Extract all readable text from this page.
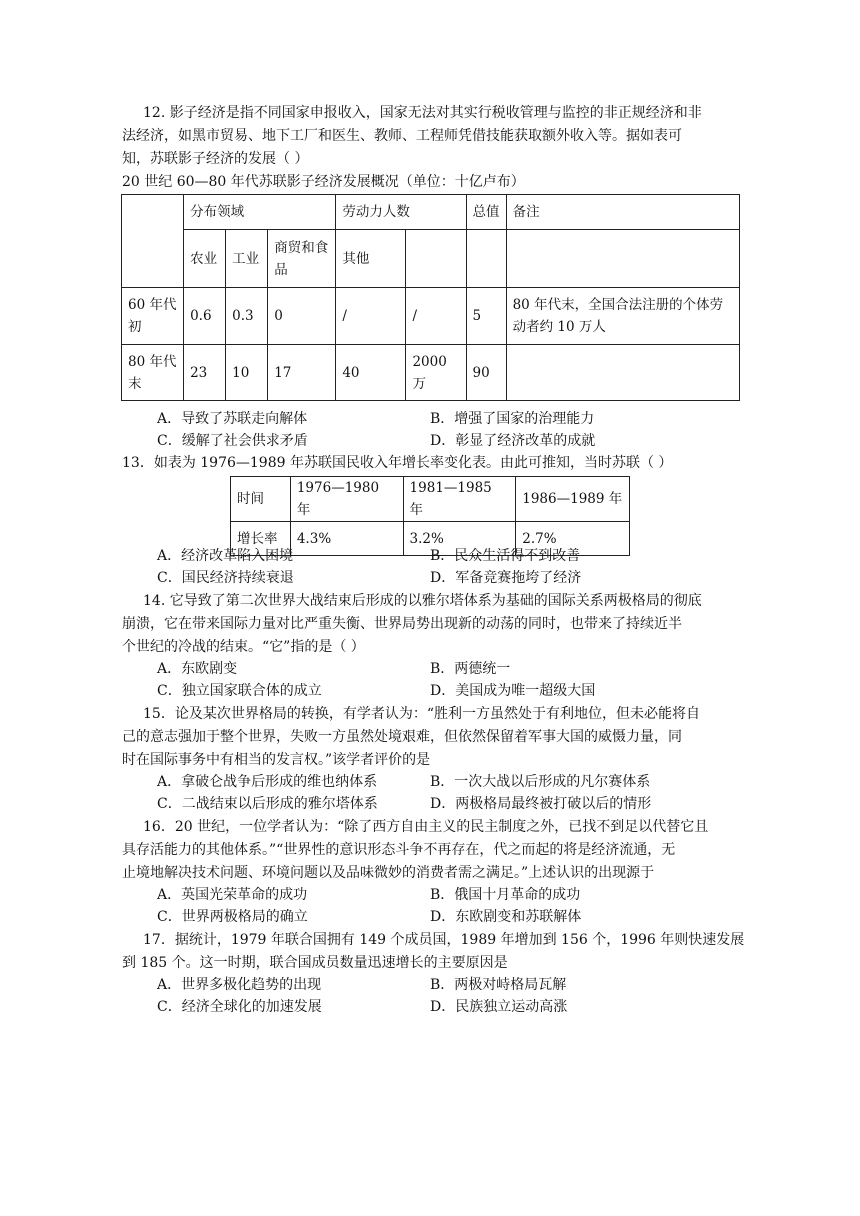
12. 影子经济是指不同国家申报收入，国家无法对其实行税收管理与监控的非正规经济和非
法经济，如黑市贸易、地下工厂和医生、教师、工程师凭借技能获取额外收入等。据如表可
知，苏联影子经济的发展（ ）
20 世纪 60—80 年代苏联影子经济发展概况（单位：十亿卢布）
	分布领域			劳动力人数		总值	备注
	农业	工业	商贸和食品	其他			
60 年代初	0.6	0.3	0	/	/	5	80 年代末，全国合法注册的个体劳动者约 10 万人
80 年代末	23	10	17	40	2000 万	90	
A．导致了苏联走向解体	B．增强了国家的治理能力
C．缓解了社会供求矛盾	D．彰显了经济改革的成就
13．如表为 1976—1989 年苏联国民收入年增长率变化表。由此可推知，当时苏联（ ）
时间	1976—1980 年	1981—1985 年	1986—1989 年
增长率	4.3%	3.2%	2.7%
A．经济改革陷入困境	B．民众生活得不到改善
C．国民经济持续衰退	D．军备竞赛拖垮了经济
14. 它导致了第二次世界大战结束后形成的以雅尔塔体系为基础的国际关系两极格局的彻底
崩溃，它在带来国际力量对比严重失衡、世界局势出现新的动荡的同时，也带来了持续近半
个世纪的冷战的结束。“它”指的是（ ）
A．东欧剧变	B．两德统一
C．独立国家联合体的成立	D．美国成为唯一超级大国
15．论及某次世界格局的转换，有学者认为：“胜利一方虽然处于有利地位，但未必能将自
己的意志强加于整个世界，失败一方虽然处境艰难，但依然保留着军事大国的威慑力量，同
时在国际事务中有相当的发言权。”该学者评价的是
A．拿破仑战争后形成的维也纳体系	B．一次大战以后形成的凡尔赛体系
C．二战结束以后形成的雅尔塔体系	D．两极格局最终被打破以后的情形
16．20 世纪，一位学者认为：“除了西方自由主义的民主制度之外，已找不到足以代替它且
具存活能力的其他体系。”“世界性的意识形态斗争不再存在，代之而起的将是经济流通，无
止境地解决技术问题、环境问题以及品味微妙的消费者需之满足。”上述认识的出现源于
A．英国光荣革命的成功	B．俄国十月革命的成功
C．世界两极格局的确立	D．东欧剧变和苏联解体
17．据统计，1979 年联合国拥有 149 个成员国，1989 年增加到 156 个，1996 年则快速发展
到 185 个。这一时期，联合国成员数量迅速增长的主要原因是
A．世界多极化趋势的出现	B．两极对峙格局瓦解
C．经济全球化的加速发展	D．民族独立运动高涨
